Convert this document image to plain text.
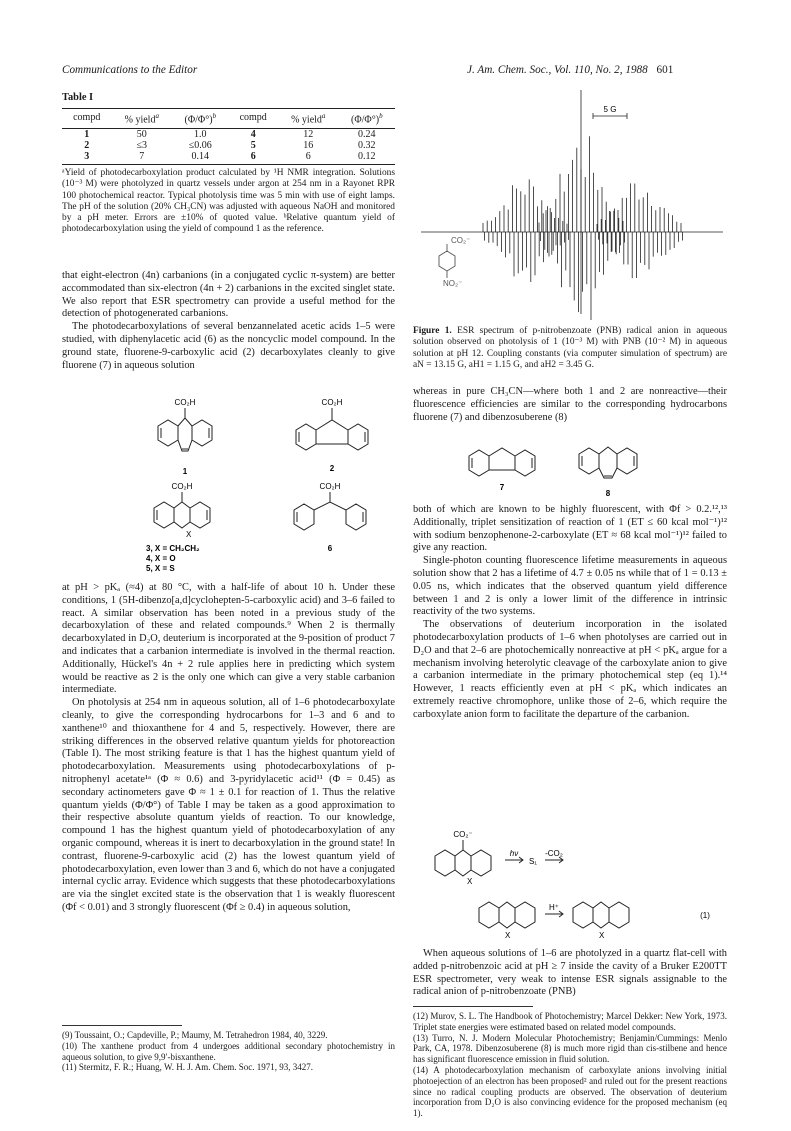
Communications to the Editor	J. Am. Chem. Soc., Vol. 110, No. 2, 1988 601
Table I
compd	% yield$^a$	$(\Phi/\Phi^\circ)^b$	compd	% yield$^a$	$(\Phi/\Phi^\circ)^b$
1	50	1.0	4	12	0.24
2	≤3	≤0.06	5	16	0.32
3	7	0.14	6	6	0.12
ᵃYield of photodecarboxylation product calculated by ¹H NMR integration. Solutions (10⁻³ M) were photolyzed in quartz vessels under argon at 254 nm in a Rayonet RPR 100 photochemical reactor. Typical photolysis time was 5 min with use of eight lamps. The pH of the solution (20% CH₃CN) was adjusted with aqueous NaOH and monitored by a pH meter. Errors are ±10% of quoted value. ᵇRelative quantum yield of photodecarboxylation using the yield of compound 1 as the reference.

that eight-electron (4n) carbanions (in a conjugated cyclic π-system) are better accommodated than six-electron (4n + 2) carbanions in the excited singlet state. We also report that ESR spectrometry can provide a useful method for the detection of photogenerated carbanions.

The photodecarboxylations of several benzannelated acetic acids 1–5 were studied, with diphenylacetic acid (6) as the noncyclic model compound. In the ground state, fluorene-9-carboxylic acid (2) decarboxylates cleanly to give fluorene (7) in aqueous solution

CO₂H	CO₂H
1	2
CO₂H	CO₂H
X
3, X = CH₂CH₂
4, X = O
5, X = S
6

at pH > pKₐ (≈4) at 80 °C, with a half-life of about 10 h. Under these conditions, 1 (5H-dibenzo[a,d]cyclohepten-5-carboxylic acid) and 3–6 failed to react. A similar observation has been noted in a previous study of the decarboxylation of these and related compounds.⁹ When 2 is thermally decarboxylated in D₂O, deuterium is incorporated at the 9-position of product 7 and indicates that a carbanion intermediate is involved in the thermal reaction. Additionally, Hückel's 4n + 2 rule applies here in predicting which system would be reactive as 2 is the only one which can give a very stable carbanion intermediate.

On photolysis at 254 nm in aqueous solution, all of 1–6 photodecarboxylate cleanly, to give the corresponding hydrocarbons for 1–3 and 6 and to xanthene¹⁰ and thioxanthene for 4 and 5, respectively. However, there are striking differences in the observed relative quantum yields for photoreaction (Table I). The most striking feature is that 1 has the highest quantum yield of photodecarboxylation. Measurements using photodecarboxylations of p-nitrophenyl acetate¹ᵃ (Φ ≈ 0.6) and 3-pyridylacetic acid¹¹ (Φ = 0.45) as secondary actinometers gave Φ ≈ 1 ± 0.1 for reaction of 1. Thus the relative quantum yields (Φ/Φ°) of Table I may be taken as a good approximation to their respective absolute quantum yields of reaction. To our knowledge, compound 1 has the highest quantum yield of photodecarboxylation of any organic compound, whereas it is inert to decarboxylation in the ground state! In contrast, fluorene-9-carboxylic acid (2) has the lowest quantum yield of photodecarboxylation, even lower than 3 and 6, which do not have a conjugated internal cyclic array. Evidence which suggests that these photodecarboxylations are via the singlet excited state is the observation that 1 is weakly fluorescent (Φf < 0.01) and 3 strongly fluorescent (Φf ≥ 0.4) in aqueous solution,

(9) Toussaint, O.; Capdeville, P.; Maumy, M. Tetrahedron 1984, 40, 3229.
(10) The xanthene product from 4 undergoes additional secondary photochemistry in aqueous solution, to give 9,9′-bisxanthene.
(11) Stermitz, F. R.; Huang, W. H. J. Am. Chem. Soc. 1971, 93, 3427.
5 G
CO₂⁻
NO₂⁻
Figure 1. ESR spectrum of p-nitrobenzoate (PNB) radical anion in aqueous solution observed on photolysis of 1 (10⁻³ M) with PNB (10⁻² M) in aqueous solution at pH 12. Coupling constants (via computer simulation of spectrum) are aN = 13.15 G, aH1 = 1.15 G, and aH2 = 3.45 G.

whereas in pure CH₃CN—where both 1 and 2 are nonreactive—their fluorescence efficiencies are similar to the corresponding hydrocarbons fluorene (7) and dibenzosuberene (8)

7
8

both of which are known to be highly fluorescent, with Φf > 0.2.¹²,¹³ Additionally, triplet sensitization of reaction of 1 (ET ≤ 60 kcal mol⁻¹)¹² with sodium benzophenone-2-carboxylate (ET ≈ 68 kcal mol⁻¹)¹² failed to give any reaction.

Single-photon counting fluorescence lifetime measurements in aqueous solution show that 2 has a lifetime of 4.7 ± 0.05 ns while that of 1 = 0.13 ± 0.05 ns, which indicates that the observed quantum yield difference between 1 and 2 is only a lower limit of the difference in intrinsic reactivity of the two systems.

The observations of deuterium incorporation in the isolated photodecarboxylation products of 1–6 when photolyses are carried out in D₂O and that 2–6 are photochemically nonreactive at pH < pKₐ argue for a mechanism involving heterolytic cleavage of the carboxylate anion to give a carbanion intermediate in the primary photochemical step (eq 1).¹⁴ However, 1 reacts efficiently even at pH < pKₐ which indicates an extremely reactive chromophore, unlike those of 2–6, which require the carboxylate anion form to facilitate the departure of the carbanion.

CO₂⁻
X
hν
S₁
-CO₂
X
H⁺
X
(1)

When aqueous solutions of 1–6 are photolyzed in a quartz flat-cell with added p-nitrobenzoic acid at pH ≥ 7 inside the cavity of a Bruker E200TT ESR spectrometer, very weak to intense ESR signals assignable to the radical anion of p-nitrobenzoate (PNB)

(12) Murov, S. L. The Handbook of Photochemistry; Marcel Dekker: New York, 1973. Triplet state energies were estimated based on related model compounds.
(13) Turro, N. J. Modern Molecular Photochemistry; Benjamin/Cummings: Menlo Park, CA, 1978. Dibenzosuberene (8) is much more rigid than cis-stilbene and hence has significant fluorescence emission in fluid solution.
(14) A photodecarboxylation mechanism of carboxylate anions involving initial photoejection of an electron has been proposed² and ruled out for the present reactions since no radical coupling products are observed. The observation of deuterium incorporation from D₂O is also convincing evidence for the proposed mechanism (eq 1).
